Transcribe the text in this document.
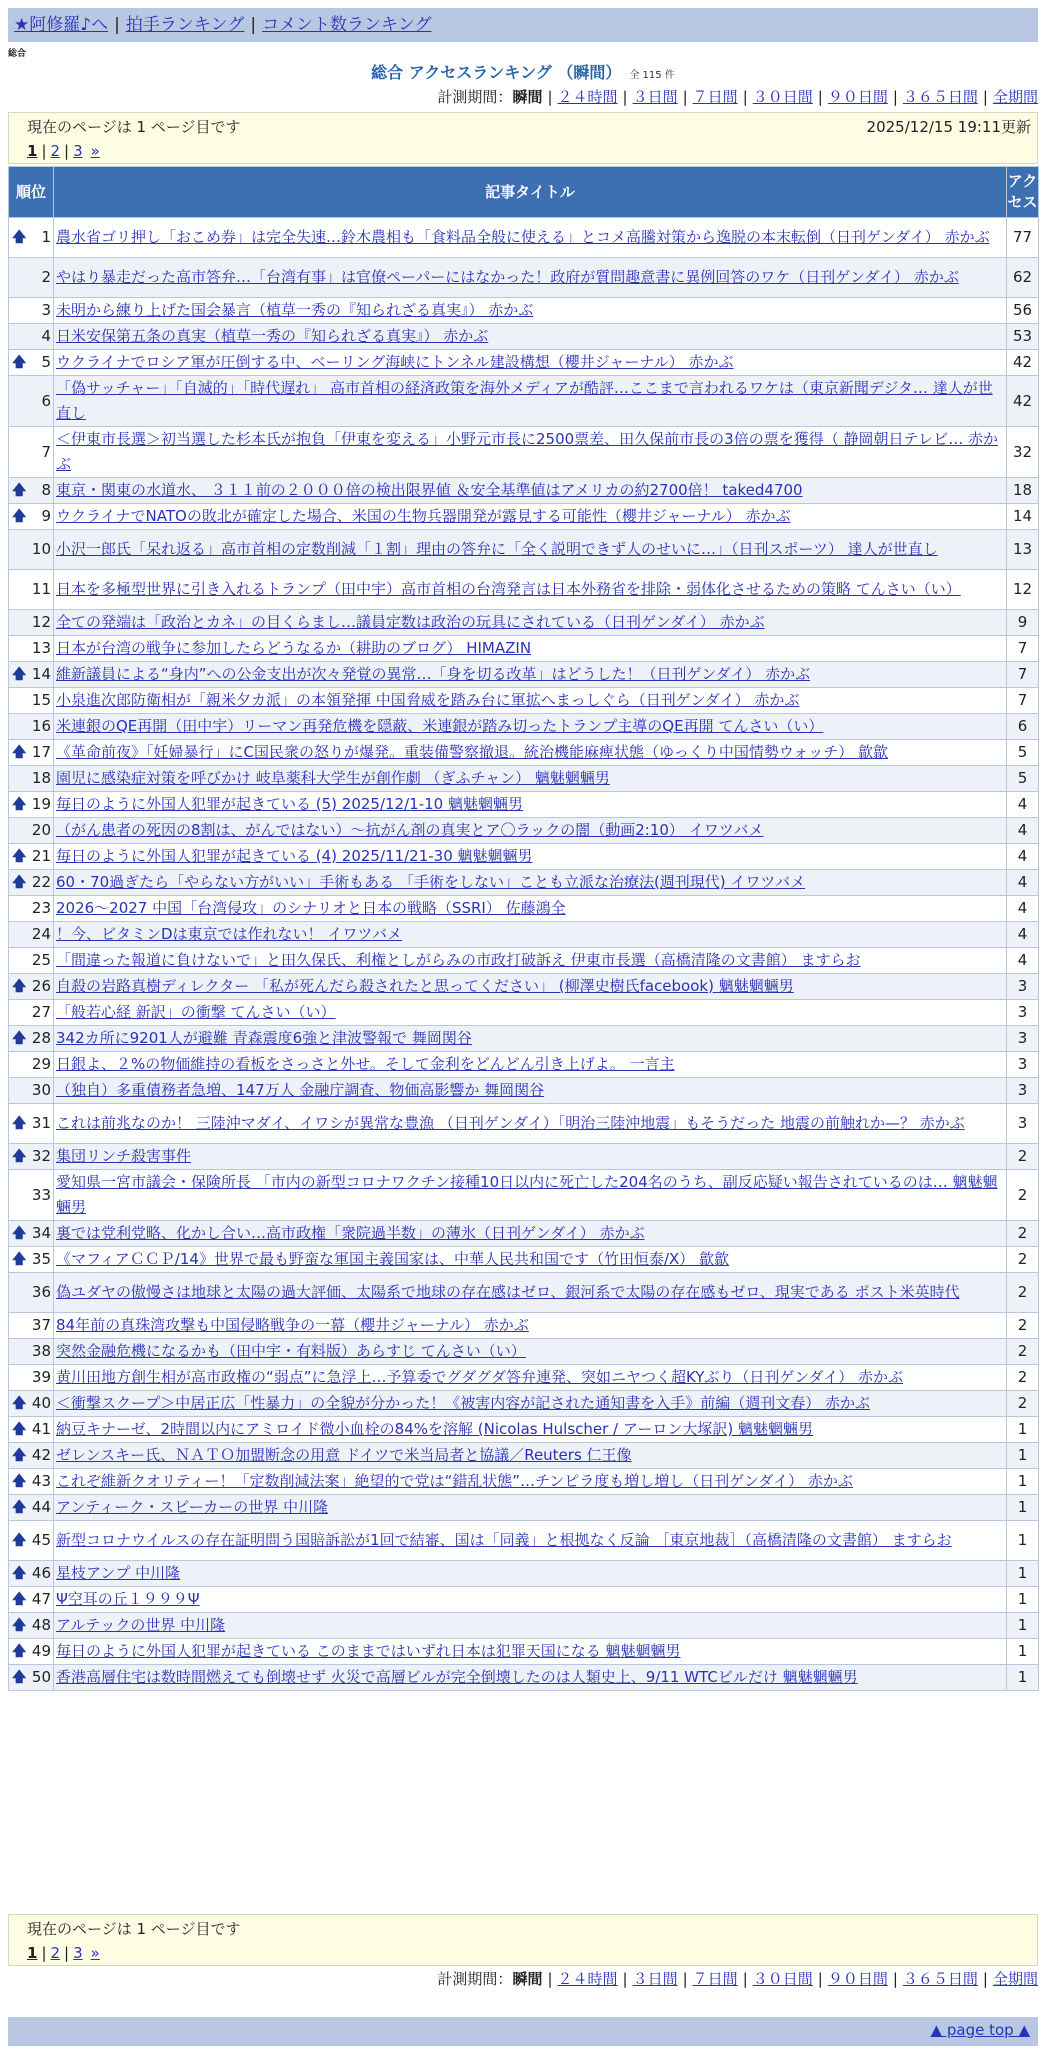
★阿修羅♪へ | 拍手ランキング | コメント数ランキング
総合
総合 アクセスランキング （瞬間） 全 115 件
計測期間：瞬間 | ２４時間 | ３日間 | ７日間 | ３０日間 | ９０日間 | ３６５日間 | 全期間
現在のページは 1 ページ目です	2025/12/15 19:11更新
1 | 2 | 3 »
順位	記事タイトル	アクセス

🡅 1	農水省ゴリ押し「おこめ券」は完全失速…鈴木農相も「食料品全般に使える」とコメ高騰対策から逸脱の本末転倒（日刊ゲンダイ） 赤かぶ	77
2	やはり暴走だった高市答弁…「台湾有事」は官僚ペーパーにはなかった！政府が質問趣意書に異例回答のワケ（日刊ゲンダイ） 赤かぶ	62
3	未明から練り上げた国会暴言（植草一秀の『知られざる真実』） 赤かぶ	56
4	日米安保第五条の真実（植草一秀の『知られざる真実』） 赤かぶ	53

🡅 5	ウクライナでロシア軍が圧倒する中、ベーリング海峡にトンネル建設構想（櫻井ジャーナル） 赤かぶ	42
6	「偽サッチャー」「自滅的」「時代遅れ」 高市首相の経済政策を海外メディアが酷評…ここまで言われるワケは（東京新聞デジタ… 達人が世直し	42
7	＜伊東市長選＞初当選した杉本氏が抱負「伊東を変える」小野元市長に2500票差、田久保前市長の3倍の票を獲得（ 静岡朝日テレビ… 赤かぶ	32

🡅 8	東京・関東の水道水、 ３１１前の２０００倍の検出限界値 ＆安全基準値はアメリカの約2700倍！ taked4700	18

🡅 9	ウクライナでNATOの敗北が確定した場合、米国の生物兵器開発が露見する可能性（櫻井ジャーナル） 赤かぶ	14
10	小沢一郎氏「呆れ返る」高市首相の定数削減「１割」理由の答弁に「全く説明できず人のせいに…」（日刊スポーツ） 達人が世直し	13
11	日本を多極型世界に引き入れるトランプ（田中宇）高市首相の台湾発言は日本外務省を排除・弱体化させるための策略 てんさい（い）	12
12	全ての発端は「政治とカネ」の目くらまし…議員定数は政治の玩具にされている（日刊ゲンダイ） 赤かぶ	9
13	日本が台湾の戦争に参加したらどうなるか（耕助のブログ） HIMAZIN	7

🡅 14	維新議員による“身内”への公金支出が次々発覚の異常…「身を切る改革」はどうした！（日刊ゲンダイ） 赤かぶ	7
15	小泉進次郎防衛相が「親米夕カ派」の本領発揮 中国脅威を踏み台に軍拡へまっしぐら（日刊ゲンダイ） 赤かぶ	7
16	米連銀のQE再開（田中宇）リーマン再発危機を隠蔽、米連銀が踏み切ったトランプ主導のQE再開 てんさい（い）	6

🡅 17	《革命前夜》「妊婦暴行」にC国民衆の怒りが爆発。重装備警察撤退。統治機能麻痺状態（ゆっくり中国情勢ウォッチ） 歙歙	5
18	園児に感染症対策を呼びかけ 岐阜薬科大学生が創作劇 （ぎふチャン） 魑魅魍魎男	5

🡅 19	毎日のように外国人犯罪が起きている (5) 2025/12/1-10 魑魅魍魎男	4
20	（がん患者の死因の8割は、がんではない）〜抗がん剤の真実とア〇ラックの闇（動画2:10） イワツバメ	4

🡅 21	毎日のように外国人犯罪が起きている (4) 2025/11/21-30 魑魅魍魎男	4

🡅 22	60・70過ぎたら「やらない方がいい」手術もある 「手術をしない」ことも立派な治療法(週刊現代) イワツバメ	4
23	2026〜2027 中国「台湾侵攻」のシナリオと日本の戦略（SSRI） 佐藤鴻全	4
24	！今、ビタミンDは東京では作れない！ イワツバメ	4
25	「間違った報道に負けないで」と田久保氏、利権としがらみの市政打破訴え 伊東市長選（高橋清隆の文書館） ますらお	4

🡅 26	自殺の岩路真樹ディレクター 「私が死んだら殺されたと思ってください」 (柳澤史樹氏facebook) 魑魅魍魎男	3
27	「般若心経 新訳」の衝撃 てんさい（い）	3

🡅 28	342カ所に9201人が避難 青森震度6強と津波警報で 舞岡関谷	3
29	日銀よ、２%の物価維持の看板をさっさと外せ。そして金利をどんどん引き上げよ。 一言主	3
30	（独自）多重債務者急増、147万人 金融庁調査、物価高影響か 舞岡関谷	3

🡅 31	これは前兆なのか！ 三陸沖マダイ、イワシが異常な豊漁 （日刊ゲンダイ）「明治三陸沖地震」もそうだった 地震の前触れか—？ 赤かぶ	3

🡅 32	集団リンチ殺害事件	2
33	愛知県一宮市議会・保険所長 「市内の新型コロナワクチン接種10日以内に死亡した204名のうち、副反応疑い報告されているのは… 魑魅魍魎男	2

🡅 34	裏では党利党略、化かし合い…高市政権「衆院過半数」の薄氷（日刊ゲンダイ） 赤かぶ	2

🡅 35	《マフィアＣＣＰ/14》世界で最も野蛮な軍国主義国家は、中華人民共和国です（竹田恒泰/X） 歙歙	2
36	偽ユダヤの傲慢さは地球と太陽の過大評価、太陽系で地球の存在感はゼロ、銀河系で太陽の存在感もゼロ、現実である ポスト米英時代	2
37	84年前の真珠湾攻撃も中国侵略戦争の一幕（櫻井ジャーナル） 赤かぶ	2
38	突然金融危機になるかも（田中宇・有料版）あらすじ てんさい（い）	2
39	黄川田地方創生相が高市政権の“弱点”に急浮上…予算委でグダグダ答弁連発、突如ニヤつく超KYぶり（日刊ゲンダイ） 赤かぶ	2

🡅 40	＜衝撃スクープ＞中居正広「性暴力」の全貌が分かった！《被害内容が記された通知書を入手》前編（週刊文春） 赤かぶ	2

🡅 41	納豆キナーゼ、2時間以内にアミロイド微小血栓の84%を溶解 (Nicolas Hulscher / アーロン大塚訳) 魑魅魍魎男	1

🡅 42	ゼレンスキー氏、ＮＡＴＯ加盟断念の用意 ドイツで米当局者と協議／Reuters 仁王像	1

🡅 43	これぞ維新クオリティー！「定数削減法案」絶望的で党は“錯乱状態”…チンピラ度も増し増し（日刊ゲンダイ） 赤かぶ	1

🡅 44	アンティーク・スピーカーの世界 中川隆	1

🡅 45	新型コロナウイルスの存在証明問う国賠訴訟が1回で結審、国は「同義」と根拠なく反論 ［東京地裁］（高橋清隆の文書館） ますらお	1

🡅 46	星枝アンプ 中川隆	1

🡅 47	Ψ空耳の丘１９９９Ψ	1

🡅 48	アルテックの世界 中川隆	1

🡅 49	毎日のように外国人犯罪が起きている このままではいずれ日本は犯罪天国になる 魑魅魍魎男	1

🡅 50	香港高層住宅は数時間燃えても倒壊せず 火災で高層ビルが完全倒壊したのは人類史上、9/11 WTCビルだけ 魑魅魍魎男	1
現在のページは 1 ページ目です
1 | 2 | 3 »
計測期間：瞬間 | ２４時間 | ３日間 | ７日間 | ３０日間 | ９０日間 | ３６５日間 | 全期間
▲ page top ▲
